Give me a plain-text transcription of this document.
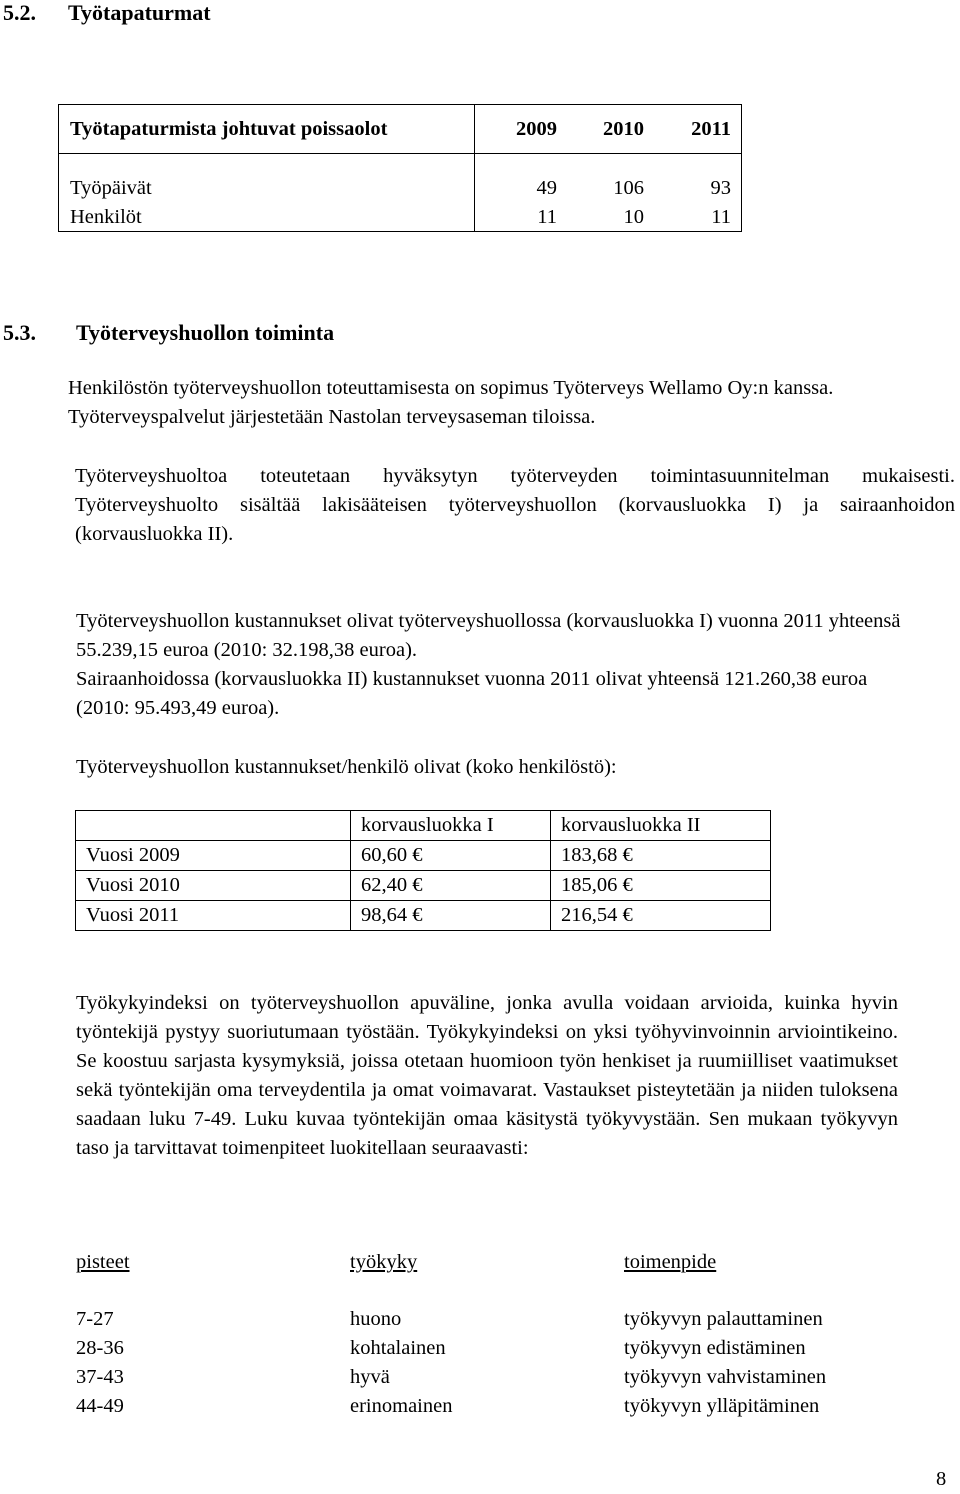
5.2. Työtapaturmat
Työtapaturmista johtuvat poissaolot	2009	2010	2011
Työpäivät	49	106	93
Henkilöt	11	10	11
5.3. Työterveyshuollon toiminta
Henkilöstön työterveyshuollon toteuttamisesta on sopimus Työterveys Wellamo Oy:n kanssa. Työterveyspalvelut järjestetään Nastolan terveysaseman tiloissa.
Työterveyshuoltoa toteutetaan hyväksytyn työterveyden toimintasuunnitelman mukaisesti. Työterveyshuolto sisältää lakisääteisen työterveyshuollon (korvausluokka I) ja sairaanhoidon (korvausluokka II).
Työterveyshuollon kustannukset olivat työterveyshuollossa (korvausluokka I) vuonna 2011 yhteensä 55.239,15 euroa (2010: 32.198,38 euroa).
Sairaanhoidossa (korvausluokka II) kustannukset vuonna 2011 olivat yhteensä 121.260,38 euroa (2010: 95.493,49 euroa).
Työterveyshuollon kustannukset/henkilö olivat (koko henkilöstö):
	korvausluokka I	korvausluokka II
Vuosi 2009	60,60 €	183,68 €
Vuosi 2010	62,40 €	185,06 €
Vuosi 2011	98,64 €	216,54 €
Työkykyindeksi on työterveyshuollon apuväline, jonka avulla voidaan arvioida, kuinka hyvin työntekijä pystyy suoriutumaan työstään. Työkykyindeksi on yksi työhyvinvoinnin arviointikeino. Se koostuu sarjasta kysymyksiä, joissa otetaan huomioon työn henkiset ja ruumiilliset vaatimukset sekä työntekijän oma terveydentila ja omat voimavarat. Vastaukset pisteytetään ja niiden tuloksena saadaan luku 7-49. Luku kuvaa työntekijän omaa käsitystä työkyvystään. Sen mukaan työkyvyn taso ja tarvittavat toimenpiteet luokitellaan seuraavasti:
pisteet	työkyky	toimenpide
7-27	huono	työkyvyn palauttaminen
28-36	kohtalainen	työkyvyn edistäminen
37-43	hyvä	työkyvyn vahvistaminen
44-49	erinomainen	työkyvyn ylläpitäminen
8
